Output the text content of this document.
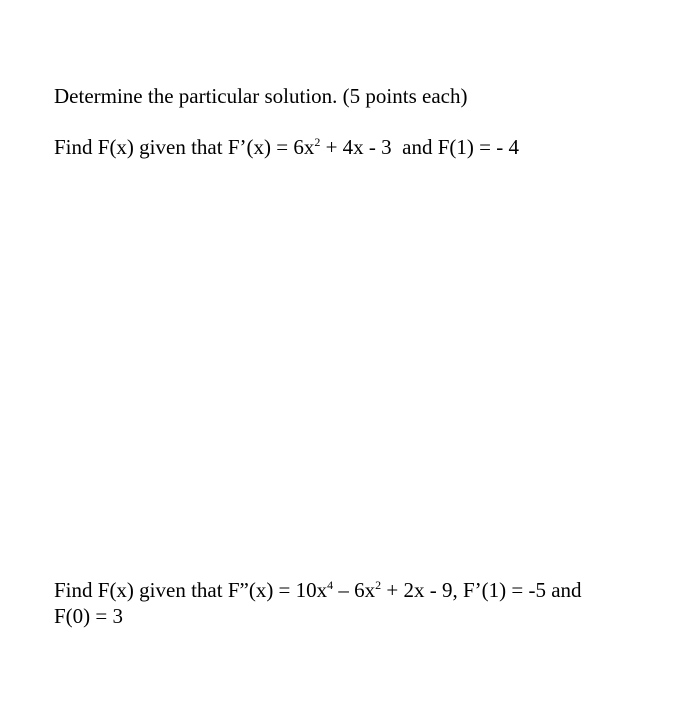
Determine the particular solution. (5 points each)
Find F(x) given that F’(x) = $6x^2 + 4x - 3$  and F(1) = - 4
Find F(x) given that F”(x) = $10x^4 - 6x^2 + 2x - 9$, F’(1) = -5 and
F(0) = 3
